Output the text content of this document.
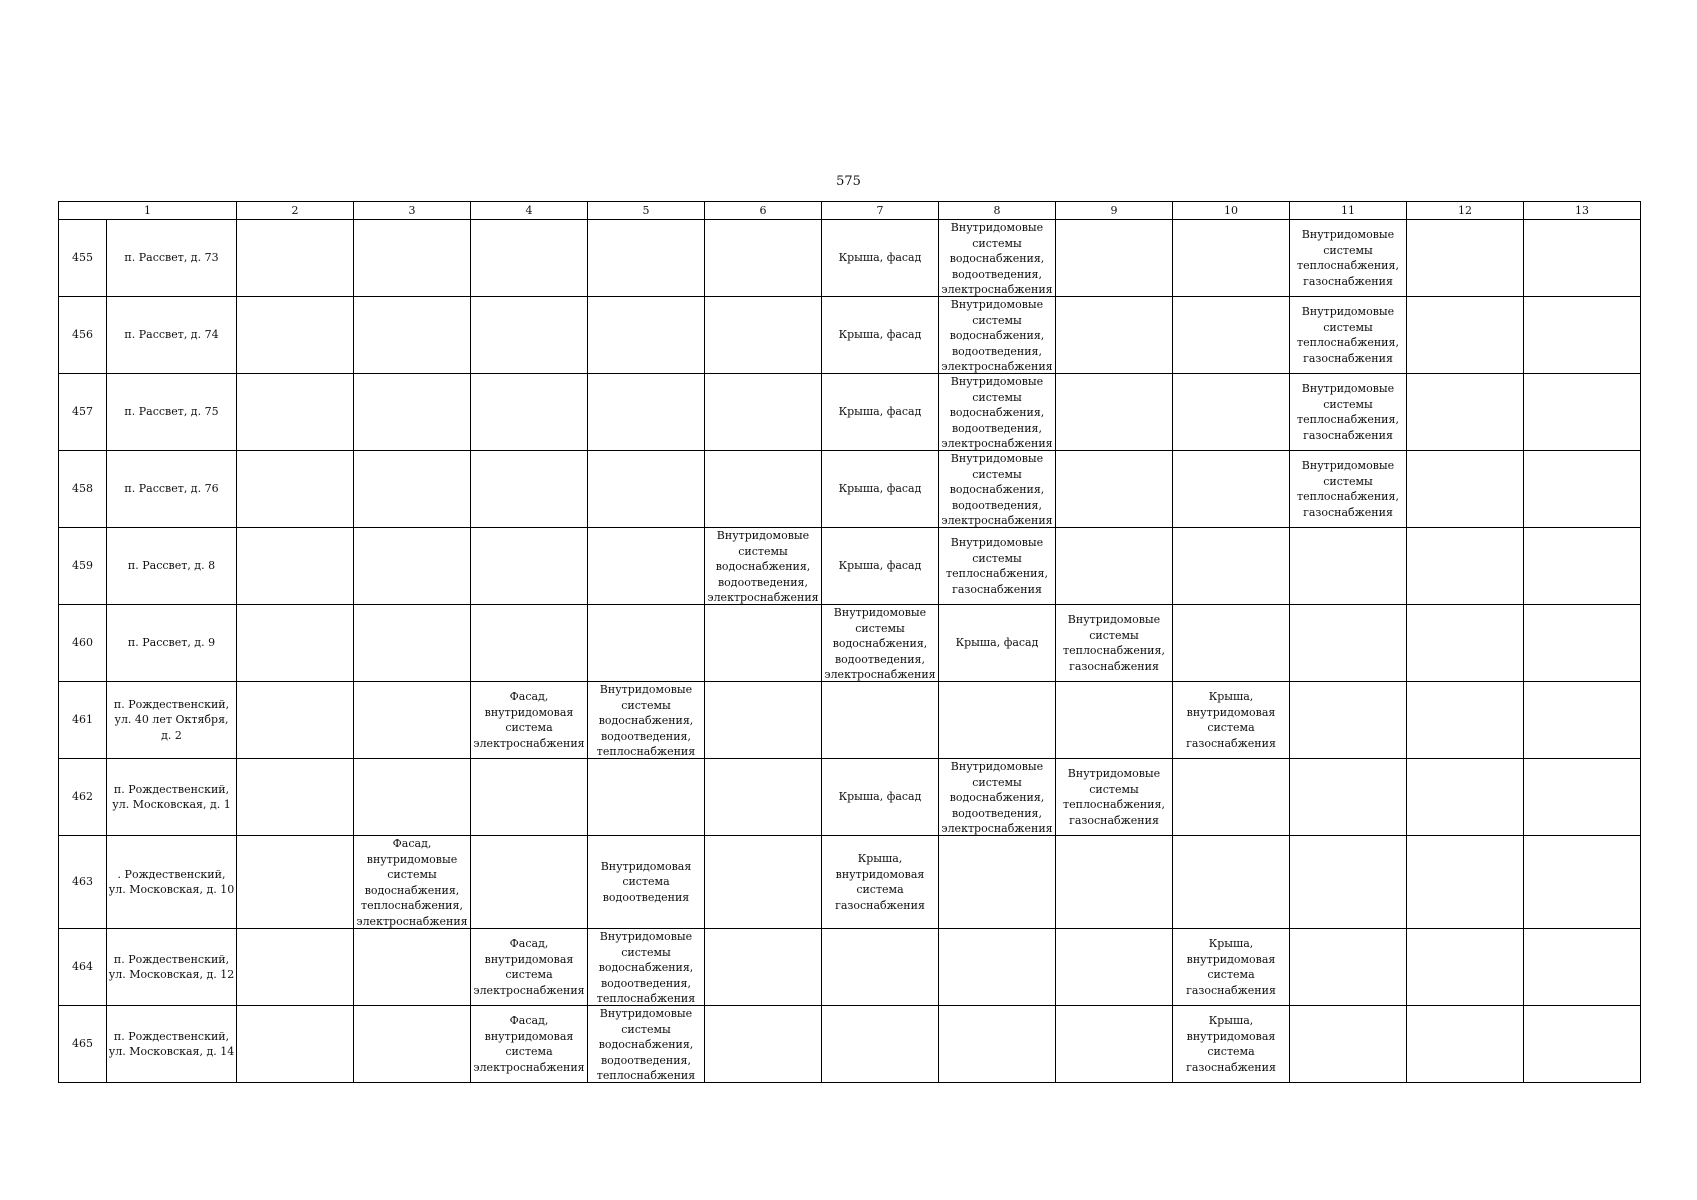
575
1		2	3	4	5	6	7	8	9	10	11	12	13
455	п. Рассвет, д. 73						Крыша, фасад	Внутридомовые системы водоснабжения, водоотведения, электроснабжения			Внутридомовые системы теплоснабжения, газоснабжения		

456	п. Рассвет, д. 74						Крыша, фасад	Внутридомовые системы водоснабжения, водоотведения, электроснабжения			Внутридомовые системы теплоснабжения, газоснабжения		

457	п. Рассвет, д. 75						Крыша, фасад	Внутридомовые системы водоснабжения, водоотведения, электроснабжения			Внутридомовые системы теплоснабжения, газоснабжения		

458	п. Рассвет, д. 76						Крыша, фасад	Внутридомовые системы водоснабжения, водоотведения, электроснабжения			Внутридомовые системы теплоснабжения, газоснабжения		

459	п. Рассвет, д. 8					Внутридомовые системы водоснабжения, водоотведения, электроснабжения	Крыша, фасад	Внутридомовые системы теплоснабжения, газоснабжения					

460	п. Рассвет, д. 9						Внутридомовые системы водоснабжения, водоотведения, электроснабжения	Крыша, фасад	Внутридомовые системы теплоснабжения, газоснабжения				

461	п. Рождественский, ул. 40 лет Октября, д. 2			Фасад, внутридомовая система электроснабжения	Внутридомовые системы водоснабжения, водоотведения, теплоснабжения					Крыша, внутридомовая система газоснабжения			

462	п. Рождественский, ул. Московская, д. 1						Крыша, фасад	Внутридомовые системы водоснабжения, водоотведения, электроснабжения	Внутридомовые системы теплоснабжения, газоснабжения				

463	. Рождественский, ул. Московская, д. 10		Фасад, внутридомовые системы водоснабжения, теплоснабжения, электроснабжения		Внутридомовая система водоотведения		Крыша, внутридомовая система газоснабжения						

464	п. Рождественский, ул. Московская, д. 12			Фасад, внутридомовая система электроснабжения	Внутридомовые системы водоснабжения, водоотведения, теплоснабжения					Крыша, внутридомовая система газоснабжения			

465	п. Рождественский, ул. Московская, д. 14			Фасад, внутридомовая система электроснабжения	Внутридомовые системы водоснабжения, водоотведения, теплоснабжения					Крыша, внутридомовая система газоснабжения			
